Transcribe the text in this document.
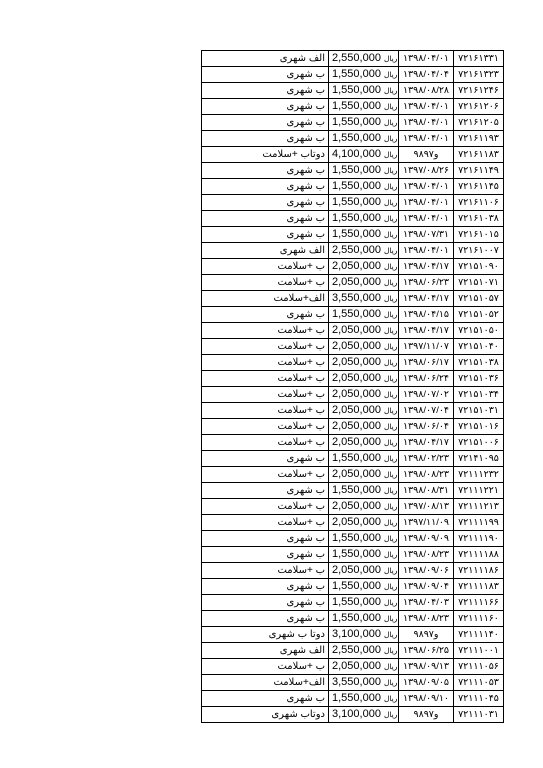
الف شهری	ریال2,550,000	۱۳۹۸/۰۴/۰۱	۷۲۱۶۱۳۳۱
ب شهری	ریال1,550,000	۱۳۹۸/۰۴/۰۴	۷۲۱۶۱۳۲۳
ب شهری	ریال1,550,000	۱۳۹۸/۰۸/۲۸	۷۲۱۶۱۲۴۶
ب شهری	ریال1,550,000	۱۳۹۸/۰۴/۰۱	۷۲۱۶۱۲۰۶
ب شهری	ریال1,550,000	۱۳۹۸/۰۴/۰۱	۷۲۱۶۱۲۰۵
ب شهری	ریال1,550,000	۱۳۹۸/۰۴/۰۱	۷۲۱۶۱۱۹۳
دوتاب +سلامت	ریال4,100,000	۹۸و۹۷	۷۲۱۶۱۱۸۳
ب شهری	ریال1,550,000	۱۳۹۷/۰۸/۲۶	۷۲۱۶۱۱۴۹
ب شهری	ریال1,550,000	۱۳۹۸/۰۴/۰۱	۷۲۱۶۱۱۴۵
ب شهری	ریال1,550,000	۱۳۹۸/۰۴/۰۱	۷۲۱۶۱۱۰۶
ب شهری	ریال1,550,000	۱۳۹۸/۰۴/۰۱	۷۲۱۶۱۰۳۸
ب شهری	ریال1,550,000	۱۳۹۸/۰۷/۳۱	۷۲۱۶۱۰۱۵
الف شهری	ریال2,550,000	۱۳۹۸/۰۴/۰۱	۷۲۱۶۱۰۰۷
ب +سلامت	ریال2,050,000	۱۳۹۸/۰۴/۱۷	۷۲۱۵۱۰۹۰
ب +سلامت	ریال2,050,000	۱۳۹۸/۰۶/۲۳	۷۲۱۵۱۰۷۱
الف+سلامت	ریال3,550,000	۱۳۹۸/۰۴/۱۷	۷۲۱۵۱۰۵۷
ب شهری	ریال1,550,000	۱۳۹۸/۰۴/۱۵	۷۲۱۵۱۰۵۲
ب +سلامت	ریال2,050,000	۱۳۹۸/۰۴/۱۷	۷۲۱۵۱۰۵۰
ب +سلامت	ریال2,050,000	۱۳۹۷/۱۱/۰۷	۷۲۱۵۱۰۴۰
ب +سلامت	ریال2,050,000	۱۳۹۸/۰۶/۱۷	۷۲۱۵۱۰۳۸
ب +سلامت	ریال2,050,000	۱۳۹۸/۰۶/۲۴	۷۲۱۵۱۰۳۶
ب +سلامت	ریال2,050,000	۱۳۹۸/۰۷/۰۲	۷۲۱۵۱۰۳۴
ب +سلامت	ریال2,050,000	۱۳۹۸/۰۷/۰۴	۷۲۱۵۱۰۳۱
ب +سلامت	ریال2,050,000	۱۳۹۸/۰۶/۰۴	۷۲۱۵۱۰۱۶
ب +سلامت	ریال2,050,000	۱۳۹۸/۰۴/۱۷	۷۲۱۵۱۰۰۶
ب شهری	ریال1,550,000	۱۳۹۸/۰۲/۲۳	۷۲۱۴۱۰۹۵
ب +سلامت	ریال2,050,000	۱۳۹۸/۰۸/۲۳	۷۲۱۱۱۲۳۲
ب شهری	ریال1,550,000	۱۳۹۸/۰۸/۳۱	۷۲۱۱۱۲۲۱
ب +سلامت	ریال2,050,000	۱۳۹۷/۰۸/۱۳	۷۲۱۱۱۲۱۳
ب +سلامت	ریال2,050,000	۱۳۹۷/۱۱/۰۹	۷۲۱۱۱۱۹۹
ب شهری	ریال1,550,000	۱۳۹۸/۰۹/۰۹	۷۲۱۱۱۱۹۰
ب شهری	ریال1,550,000	۱۳۹۸/۰۸/۲۳	۷۲۱۱۱۱۸۸
ب +سلامت	ریال2,050,000	۱۳۹۸/۰۹/۰۶	۷۲۱۱۱۱۸۶
ب شهری	ریال1,550,000	۱۳۹۸/۰۹/۰۴	۷۲۱۱۱۱۸۳
ب شهری	ریال1,550,000	۱۳۹۸/۰۴/۰۳	۷۲۱۱۱۱۶۶
ب شهری	ریال1,550,000	۱۳۹۸/۰۸/۲۳	۷۲۱۱۱۱۶۰
دوتا ب شهری	ریال3,100,000	۹۸و۹۷	۷۲۱۱۱۱۴۰
الف شهری	ریال2,550,000	۱۳۹۸/۰۶/۲۵	۷۲۱۱۱۰۰۱
ب +سلامت	ریال2,050,000	۱۳۹۸/۰۹/۱۳	۷۲۱۱۱۰۵۶
الف+سلامت	ریال3,550,000	۱۳۹۸/۰۹/۰۵	۷۲۱۱۱۰۵۳
ب شهری	ریال1,550,000	۱۳۹۸/۰۹/۱۰	۷۲۱۱۱۰۴۵
دوتاب شهری	ریال3,100,000	۹۸و۹۷	۷۲۱۱۱۰۳۱
